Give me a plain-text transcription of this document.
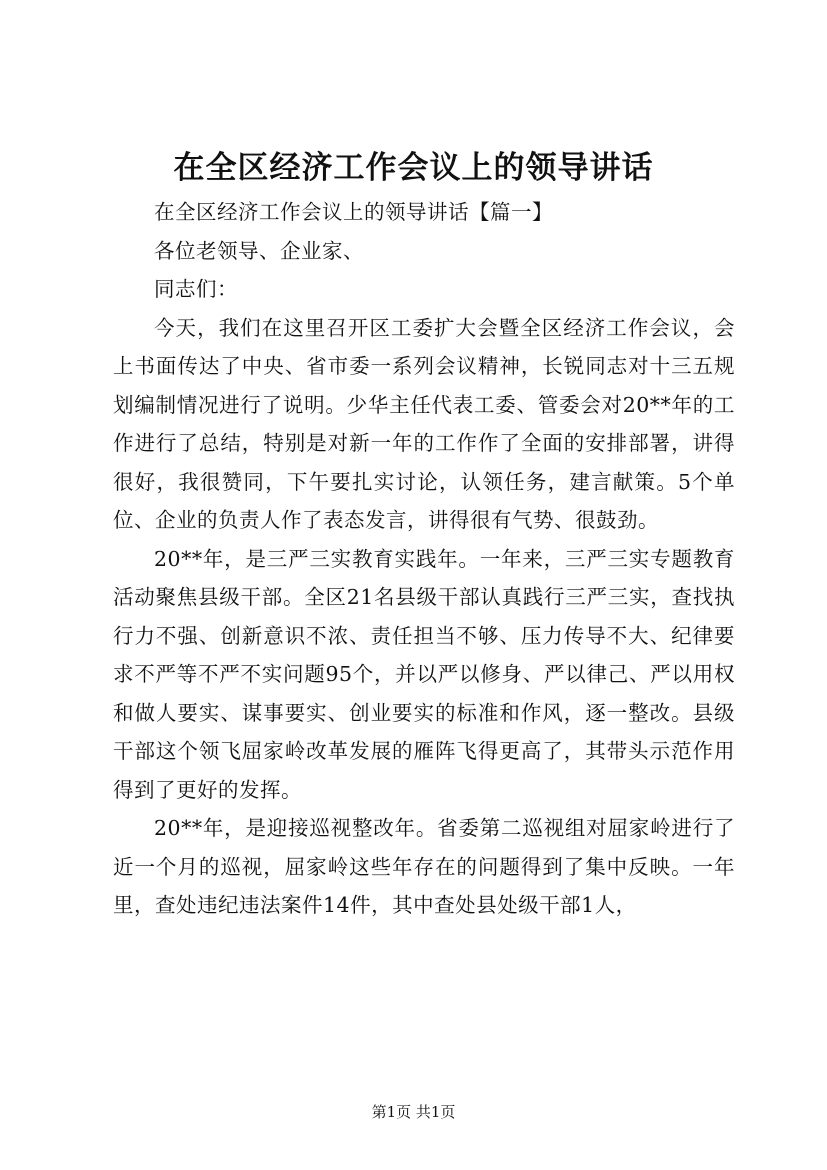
在全区经济工作会议上的领导讲话

在全区经济工作会议上的领导讲话【篇一】

各位老领导、企业家、

同志们：

今天，我们在这里召开区工委扩大会暨全区经济工作会议，会上书面传达了中央、省市委一系列会议精神，长锐同志对十三五规划编制情况进行了说明。少华主任代表工委、管委会对20**年的工作进行了总结，特别是对新一年的工作作了全面的安排部署，讲得很好，我很赞同，下午要扎实讨论，认领任务，建言献策。5个单位、企业的负责人作了表态发言，讲得很有气势、很鼓劲。

20**年，是三严三实教育实践年。一年来，三严三实专题教育活动聚焦县级干部。全区21名县级干部认真践行三严三实，查找执行力不强、创新意识不浓、责任担当不够、压力传导不大、纪律要求不严等不严不实问题95个，并以严以修身、严以律己、严以用权和做人要实、谋事要实、创业要实的标准和作风，逐一整改。县级干部这个领飞屈家岭改革发展的雁阵飞得更高了，其带头示范作用得到了更好的发挥。

20**年，是迎接巡视整改年。省委第二巡视组对屈家岭进行了近一个月的巡视，屈家岭这些年存在的问题得到了集中反映。一年里，查处违纪违法案件14件，其中查处县处级干部1人，

第1页 共1页
